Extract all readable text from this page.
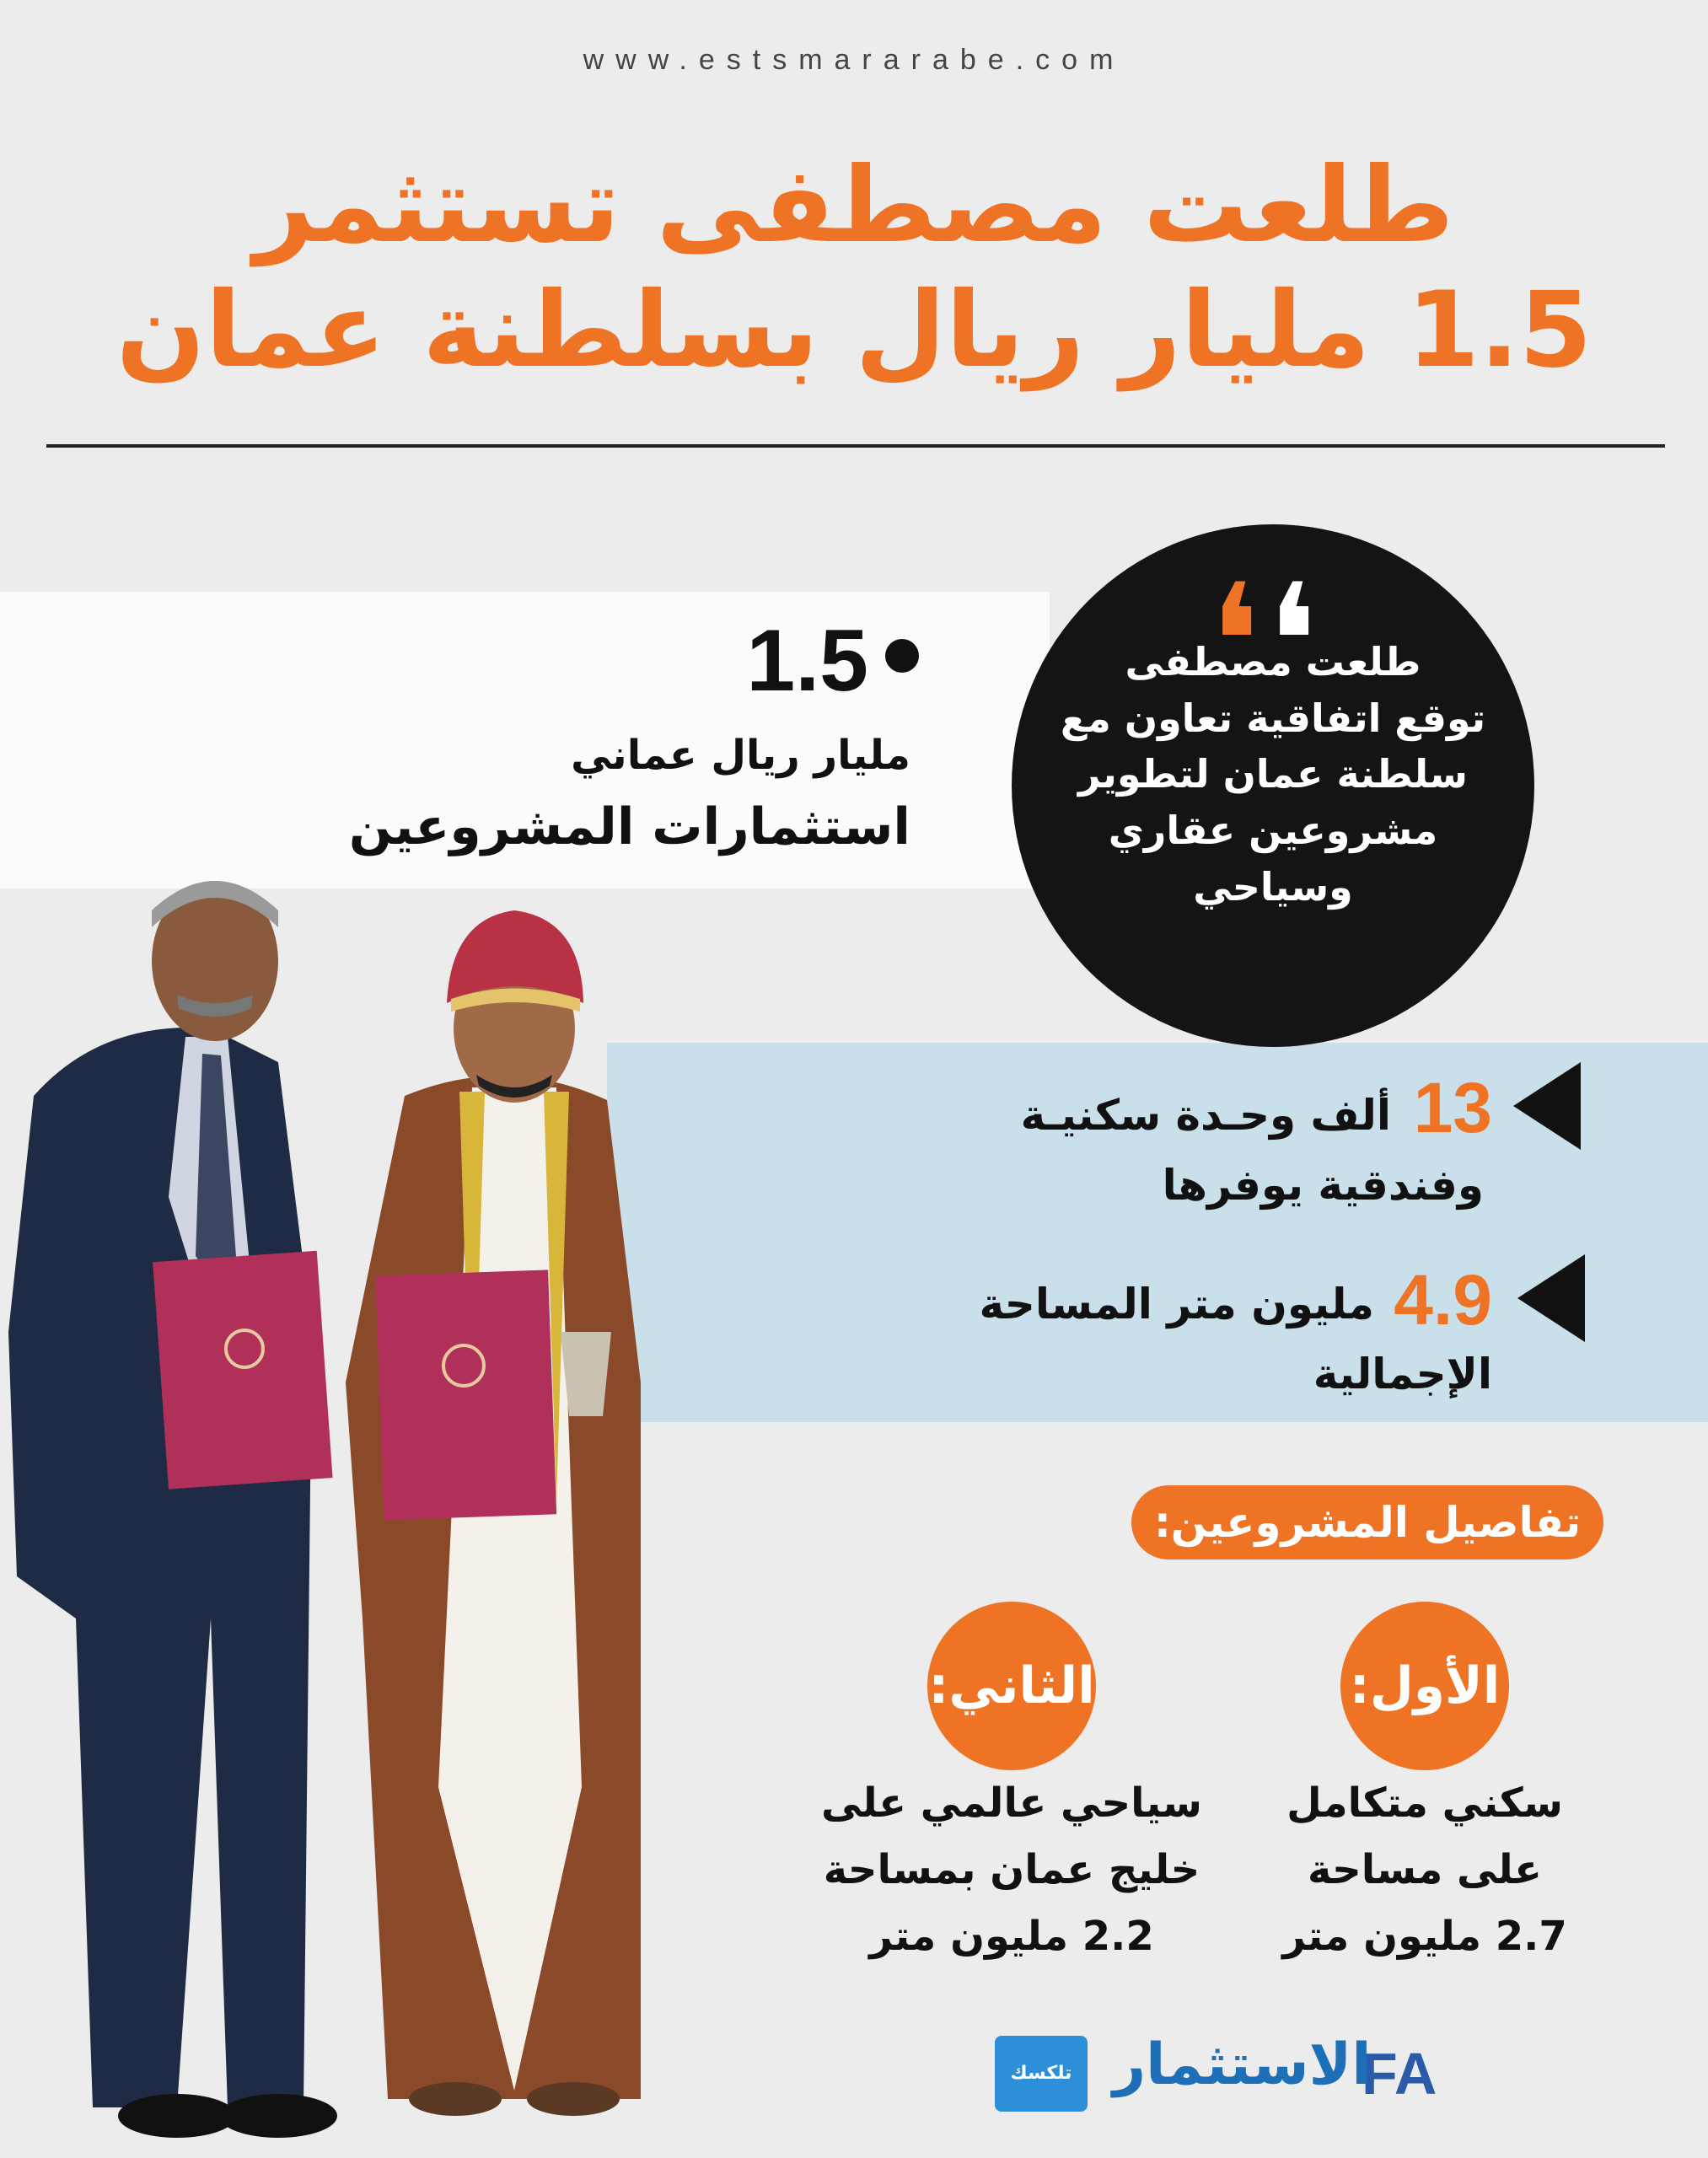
www.estsmararabe.com
طلعت مصطفى تستثمر
1.5 مليار ريال بسلطنة عمان
1.5
مليار ريال عماني
استثمارات المشروعين
❛ ❛
طلعت مصطفى
توقع اتفاقية تعاون مع
سلطنة عمان لتطوير
مشروعين عقاري
وسياحي
13
ألف وحـدة سكنيـة
وفندقية يوفرها
4.9
مليون متر المساحة
الإجمالية
تفاصيل المشروعين:
الأول:
سكني متكامل
على مساحة
2.7 مليون متر
الثاني:
سياحي عالمي على
خليج عمان بمساحة
2.2 مليون متر
FA
الاستثمار
تلكسك
